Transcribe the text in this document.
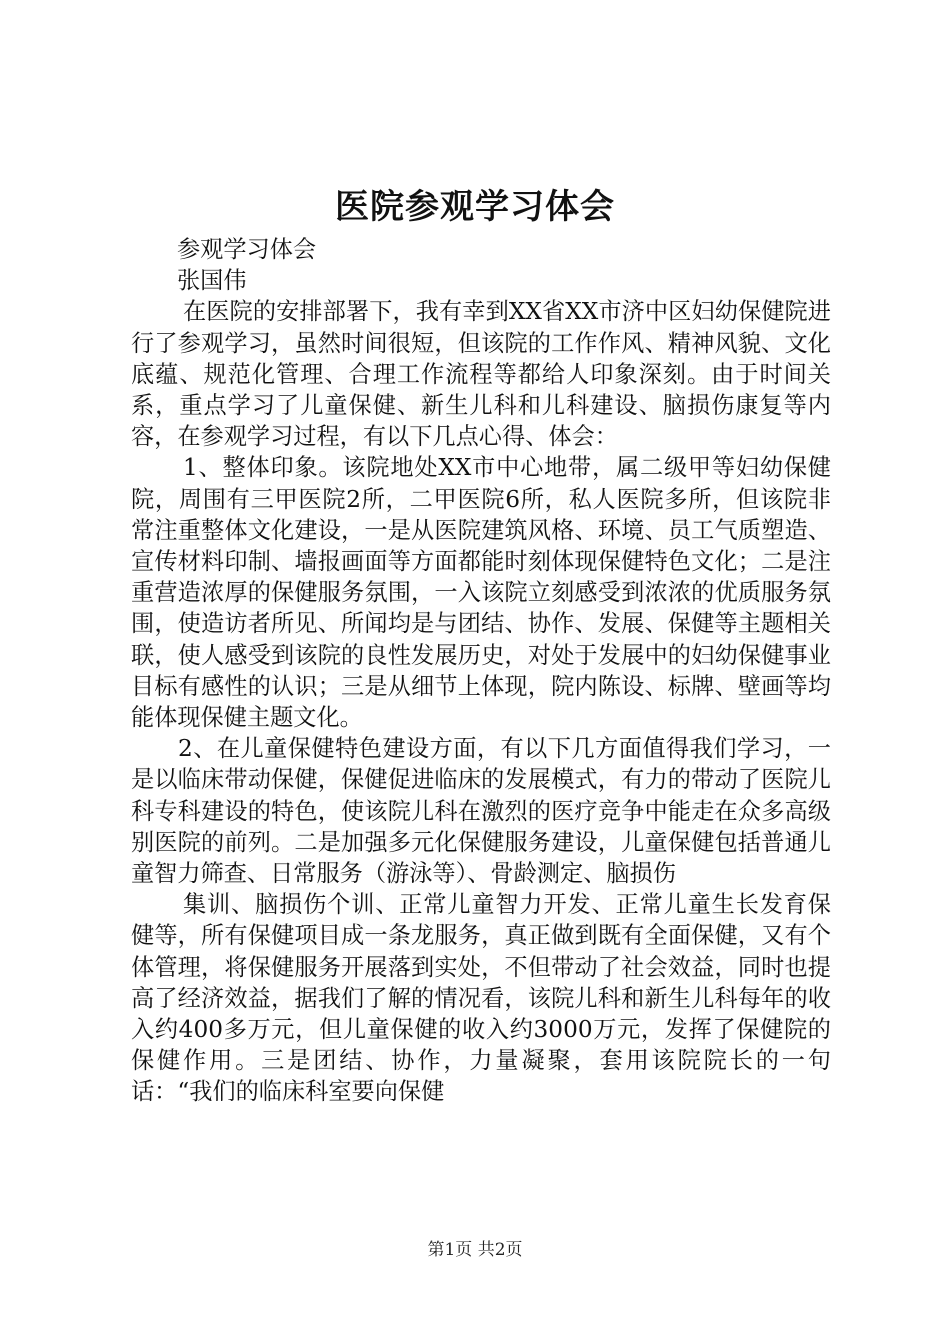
医院参观学习体会

参观学习体会

张国伟

在医院的安排部署下，我有幸到XX省XX市济中区妇幼保健院进行了参观学习，虽然时间很短，但该院的工作作风、精神风貌、文化底蕴、规范化管理、合理工作流程等都给人印象深刻。由于时间关系，重点学习了儿童保健、新生儿科和儿科建设、脑损伤康复等内容，在参观学习过程，有以下几点心得、体会：

1、整体印象。该院地处XX市中心地带，属二级甲等妇幼保健院，周围有三甲医院2所，二甲医院6所，私人医院多所，但该院非常注重整体文化建设，一是从医院建筑风格、环境、员工气质塑造、宣传材料印制、墙报画面等方面都能时刻体现保健特色文化；二是注重营造浓厚的保健服务氛围，一入该院立刻感受到浓浓的优质服务氛围，使造访者所见、所闻均是与团结、协作、发展、保健等主题相关联，使人感受到该院的良性发展历史，对处于发展中的妇幼保健事业目标有感性的认识；三是从细节上体现，院内陈设、标牌、壁画等均能体现保健主题文化。

2、在儿童保健特色建设方面，有以下几方面值得我们学习，一是以临床带动保健，保健促进临床的发展模式，有力的带动了医院儿科专科建设的特色，使该院儿科在激烈的医疗竞争中能走在众多高级别医院的前列。二是加强多元化保健服务建设，儿童保健包括普通儿童智力筛查、日常服务（游泳等）、骨龄测定、脑损伤

集训、脑损伤个训、正常儿童智力开发、正常儿童生长发育保健等，所有保健项目成一条龙服务，真正做到既有全面保健，又有个体管理，将保健服务开展落到实处，不但带动了社会效益，同时也提高了经济效益，据我们了解的情况看，该院儿科和新生儿科每年的收入约400多万元，但儿童保健的收入约3000万元，发挥了保健院的保健作用。三是团结、协作，力量凝聚，套用该院院长的一句话：“我们的临床科室要向保健

第1页 共2页
